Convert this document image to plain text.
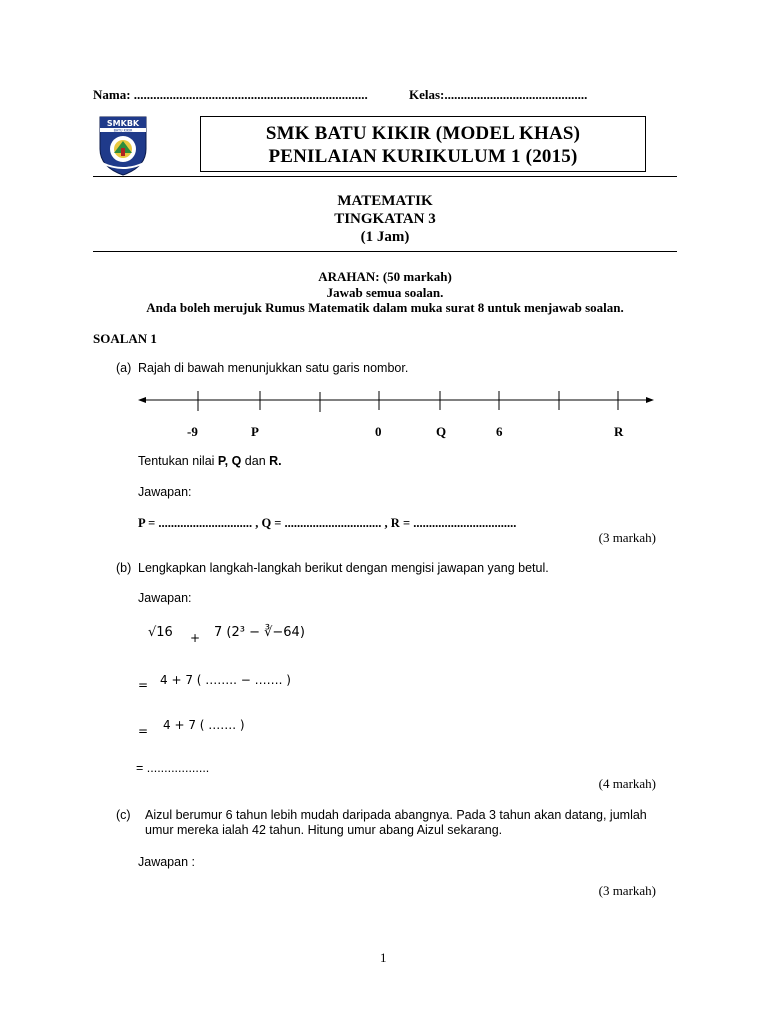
Nama: ........................................................................	Kelas:............................................
SMKBK
BATU KIKIR	SMK BATU KIKIR (MODEL KHAS)
PENILAIAN KURIKULUM 1 (2015)
MATEMATIK
TINGKATAN 3
(1 Jam)
ARAHAN: (50 markah)
Jawab semua soalan.
Anda boleh merujuk Rumus Matematik dalam muka surat 8 untuk menjawab soalan.
SOALAN 1
(a) Rajah di bawah menunjukkan satu garis nombor.
-9	P	0	Q	6	R
Tentukan nilai P, Q dan R.
Jawapan:
P = .............................. , Q = ............................... , R = .................................
(3 markah)
(b) Lengkapkan langkah-langkah berikut dengan mengisi jawapan yang betul.
Jawapan:
√16 + 7 (2³ − ∛−64)
= 4 + 7 ( …….. − ……. )
= 4 + 7 ( ……. )
= ..................
(4 markah)
(c) Aizul berumur 6 tahun lebih mudah daripada abangnya. Pada 3 tahun akan datang, jumlah
umur mereka ialah 42 tahun. Hitung umur abang Aizul sekarang.
Jawapan :
(3 markah)
1
